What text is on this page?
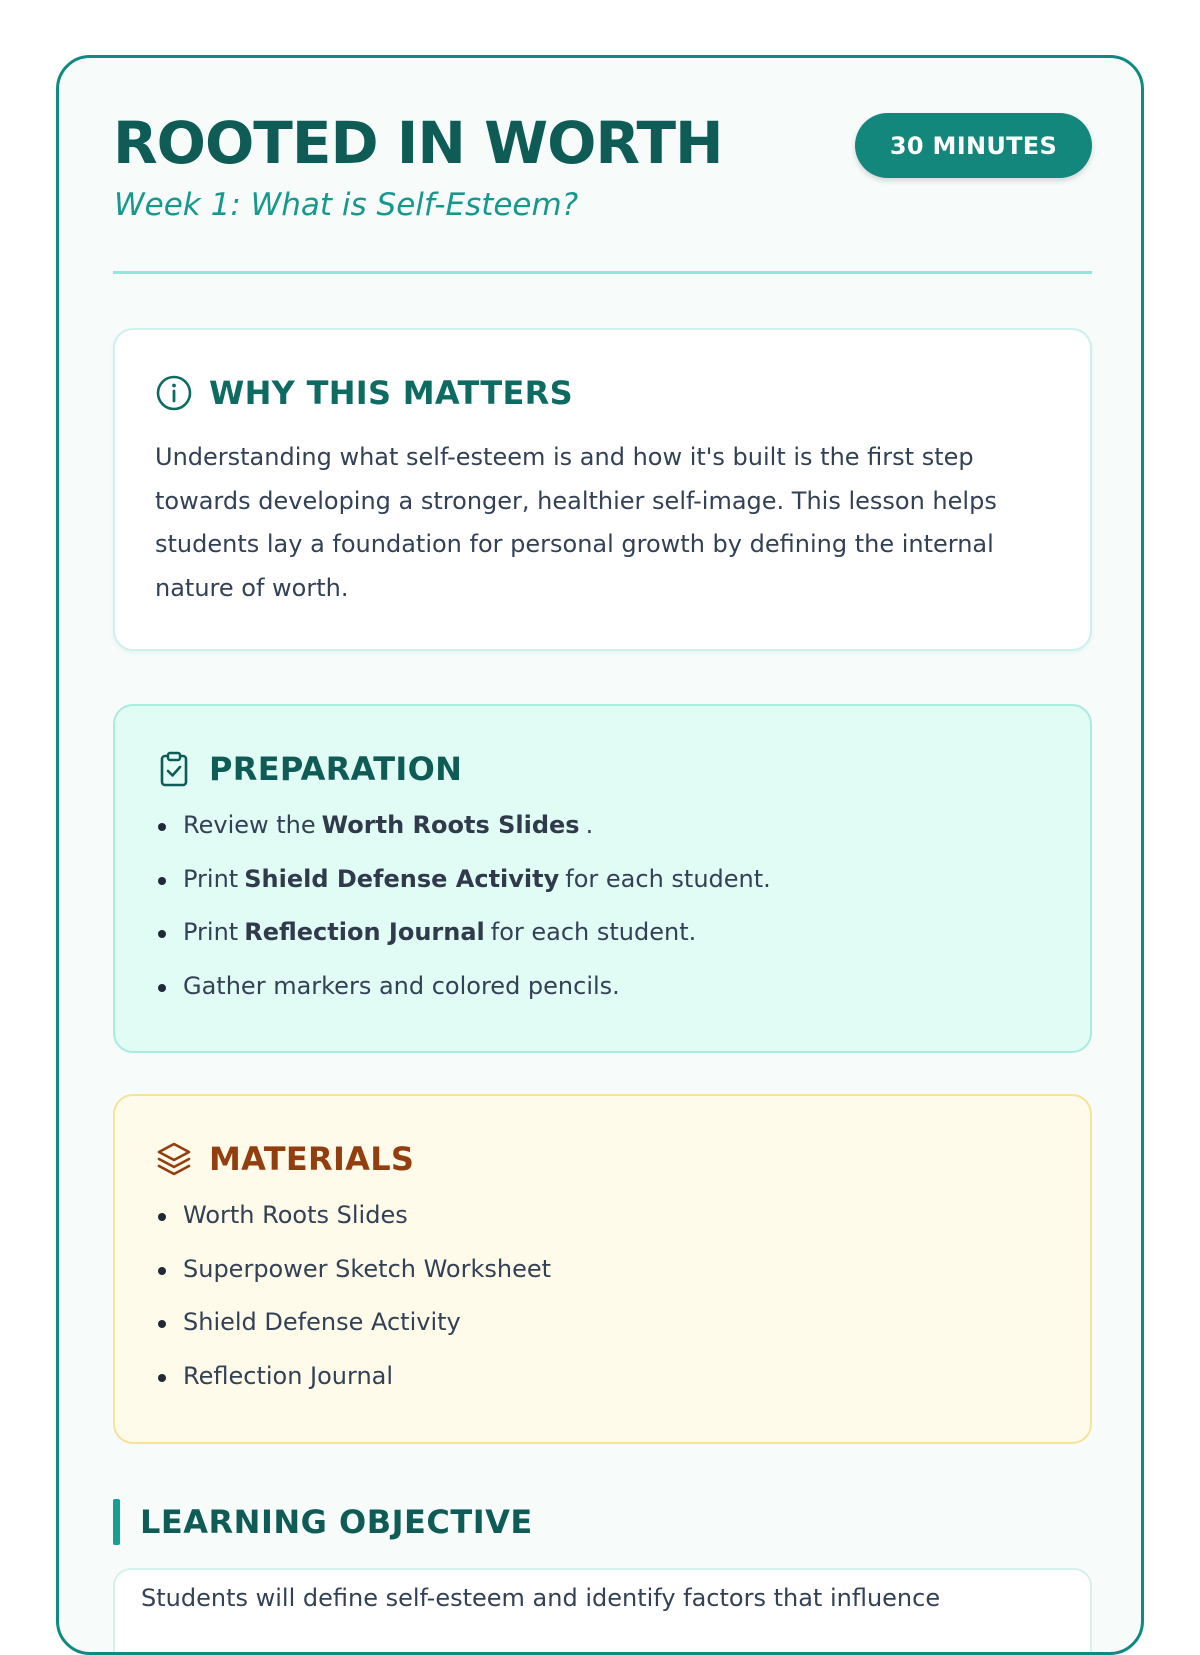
ROOTED IN WORTH
Week 1: What is Self-Esteem?
30 MINUTES
WHY THIS MATTERS

Understanding what self-esteem is and how it's built is the first step towards developing a stronger, healthier self-image. This lesson helps students lay a foundation for personal growth by defining the internal nature of worth.

PREPARATION
Review the Worth Roots Slides .
Print Shield Defense Activity for each student.
Print Reflection Journal for each student.
Gather markers and colored pencils.
MATERIALS
Worth Roots Slides
Superpower Sketch Worksheet
Shield Defense Activity
Reflection Journal
LEARNING OBJECTIVE

Students will define self-esteem and identify factors that influence
